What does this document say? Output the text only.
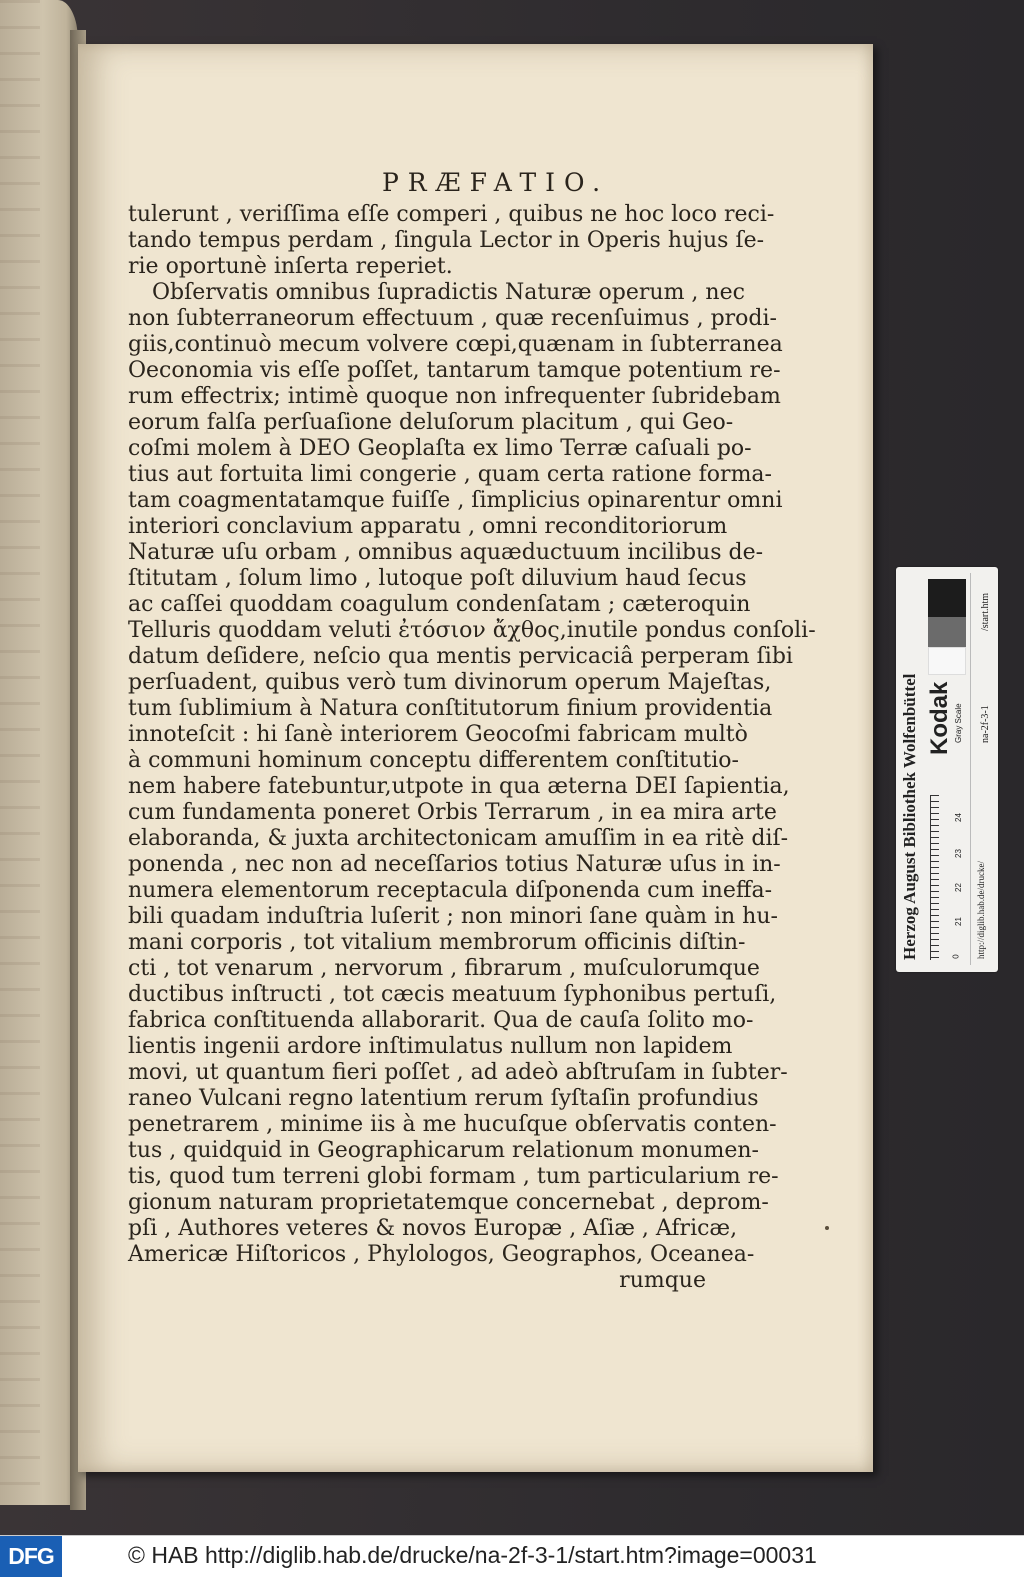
PRÆFATIO.
tulerunt , veriſſima eſſe comperi , quibus ne hoc loco reci-
tando tempus perdam , ſingula Lector in Operis hujus ſe-
rie oportunè inſerta reperiet.
Obſervatis omnibus ſupradictis Naturæ operum , nec
non ſubterraneorum effectuum , quæ recenſuimus , prodi-
giis,continuò mecum volvere cœpi,quænam in ſubterranea
Oeconomia vis eſſe poſſet, tantarum tamque potentium re-
rum effectrix; intimè quoque non infrequenter ſubridebam
eorum falſa perſuaſione deluſorum placitum , qui Geo-
coſmi molem à DEO Geoplaſta ex limo Terræ caſuali po-
tius aut fortuita limi congerie , quam certa ratione forma-
tam coagmentatamque fuiſſe , ſimplicius opinarentur omni
interiori conclavium apparatu , omni reconditoriorum
Naturæ uſu orbam , omnibus aquæductuum incilibus de-
ſtitutam , ſolum limo , lutoque poſt diluvium haud ſecus
ac caſſei quoddam coagulum condenſatam ; cæteroquin
Telluris quoddam veluti ἐτόσιον ἄχθος,inutile pondus conſoli-
datum deſidere, neſcio qua mentis pervicaciâ perperam ſibi
perſuadent, quibus verò tum divinorum operum Majeſtas,
tum ſublimium à Natura conſtitutorum finium providentia
innoteſcit : hi ſanè interiorem Geocoſmi fabricam multò
à communi hominum conceptu differentem conſtitutio-
nem habere fatebuntur,utpote in qua æterna DEI ſapientia,
cum fundamenta poneret Orbis Terrarum , in ea mira arte
elaboranda, & juxta architectonicam amuſſim in ea ritè diſ-
ponenda , nec non ad neceſſarios totius Naturæ uſus in in-
numera elementorum receptacula diſponenda cum ineffa-
bili quadam induſtria luſerit ; non minori ſane quàm in hu-
mani corporis , tot vitalium membrorum officinis diſtin-
cti , tot venarum , nervorum , fibrarum , muſculorumque
ductibus inſtructi , tot cæcis meatuum ſyphonibus pertuſi,
fabrica conſtituenda allaborarit. Qua de cauſa ſolito mo-
lientis ingenii ardore inſtimulatus nullum non lapidem
movi, ut quantum fieri poſſet , ad adeò abſtruſam in ſubter-
raneo Vulcani regno latentium rerum ſyſtaſin profundius
penetrarem , minime iis à me hucuſque obſervatis conten-
tus , quidquid in Geographicarum relationum monumen-
tis, quod tum terreni globi formam , tum particularium re-
gionum naturam proprietatemque concernebat , deprom-
pſi , Authores veteres & novos Europæ , Aſiæ , Africæ,
Americæ Hiſtoricos , Phylologos, Geographos, Oceanea-
rumque
Herzog August Bibliothek Wolfenbüttel Kodak Gray Scale
0
21
22
23
24
http://diglib.hab.de/drucke/
na-2f-3-1
/start.htm
DFG	© HAB http://diglib.hab.de/drucke/na-2f-3-1/start.htm?image=00031
